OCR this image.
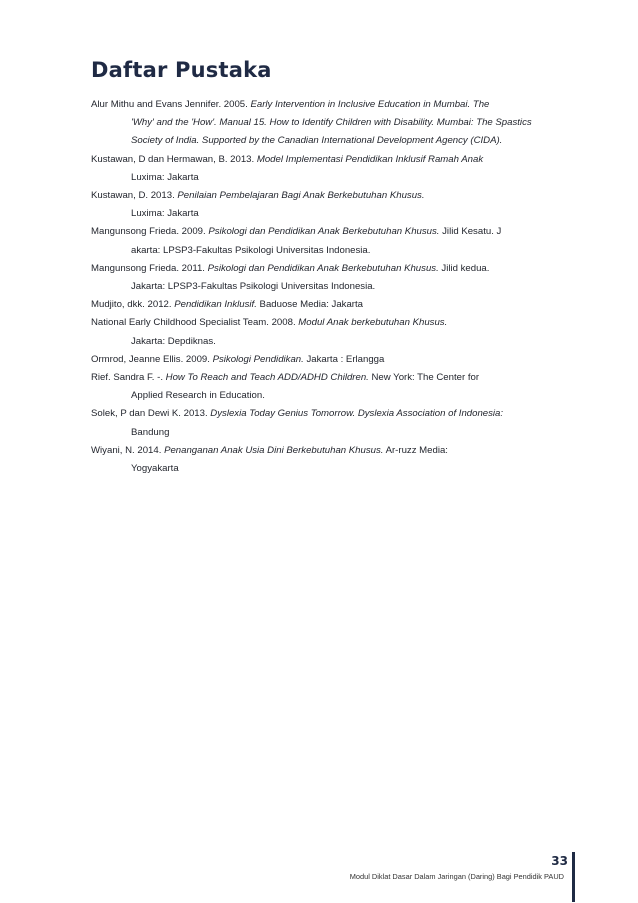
Daftar Pustaka
Alur Mithu and Evans Jennifer. 2005. Early Intervention in Inclusive Education in Mumbai. The
'Why' and the 'How'. Manual 15. How to Identify Children with Disability. Mumbai: The Spastics
Society of India. Supported by the Canadian International Development Agency (CIDA).
Kustawan, D dan Hermawan, B. 2013. Model Implementasi Pendidikan Inklusif Ramah Anak
Luxima: Jakarta
Kustawan, D. 2013. Penilaian Pembelajaran Bagi Anak Berkebutuhan Khusus.
Luxima: Jakarta
Mangunsong Frieda. 2009. Psikologi dan Pendidikan Anak Berkebutuhan Khusus. Jilid Kesatu. J
akarta: LPSP3-Fakultas Psikologi Universitas Indonesia.
Mangunsong Frieda. 2011. Psikologi dan Pendidikan Anak Berkebutuhan Khusus. Jilid kedua.
Jakarta: LPSP3-Fakultas Psikologi Universitas Indonesia.
Mudjito, dkk. 2012. Pendidikan Inklusif. Baduose Media: Jakarta
National Early Childhood Specialist Team. 2008. Modul Anak berkebutuhan Khusus.
Jakarta: Depdiknas.
Ormrod, Jeanne Ellis. 2009. Psikologi Pendidikan. Jakarta : Erlangga
Rief. Sandra F. -. How To Reach and Teach ADD/ADHD Children. New York: The Center for
Applied Research in Education.
Solek, P dan Dewi K. 2013. Dyslexia Today Genius Tomorrow. Dyslexia Association of Indonesia:
Bandung
Wiyani, N. 2014. Penanganan Anak Usia Dini Berkebutuhan Khusus. Ar-ruzz Media:
Yogyakarta
33
Modul Diklat Dasar Dalam Jaringan (Daring) Bagi Pendidik PAUD
